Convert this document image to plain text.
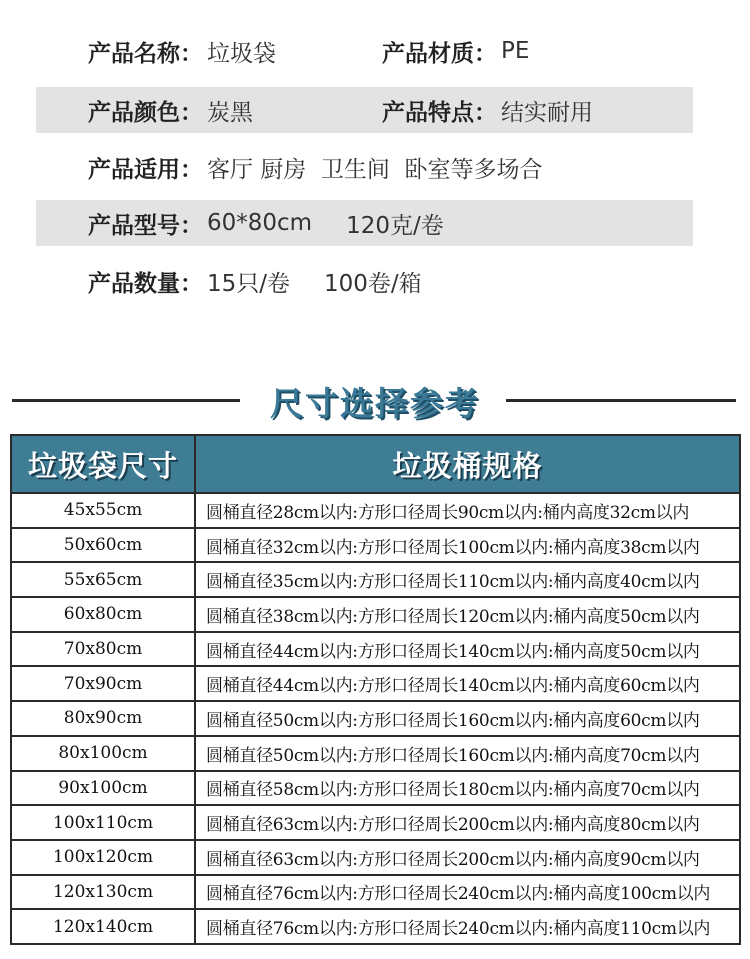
产品名称： 垃圾袋	产品材质： PE
产品颜色： 炭黑	产品特点： 结实耐用
产品适用： 客厅 厨房  卫生间  卧室等多场合
产品型号： 60*80cm 120克/卷
产品数量： 15只/卷 100卷/箱
尺寸选择参考
垃圾袋尺寸	垃圾桶规格
45x55cm	圆桶直径28cm以内:方形口径周长90cm以内:桶内高度32cm以内
50x60cm	圆桶直径32cm以内:方形口径周长100cm以内:桶内高度38cm以内
55x65cm	圆桶直径35cm以内:方形口径周长110cm以内:桶内高度40cm以内
60x80cm	圆桶直径38cm以内:方形口径周长120cm以内:桶内高度50cm以内
70x80cm	圆桶直径44cm以内:方形口径周长140cm以内:桶内高度50cm以内
70x90cm	圆桶直径44cm以内:方形口径周长140cm以内:桶内高度60cm以内
80x90cm	圆桶直径50cm以内:方形口径周长160cm以内:桶内高度60cm以内
80x100cm	圆桶直径50cm以内:方形口径周长160cm以内:桶内高度70cm以内
90x100cm	圆桶直径58cm以内:方形口径周长180cm以内:桶内高度70cm以内
100x110cm	圆桶直径63cm以内:方形口径周长200cm以内:桶内高度80cm以内
100x120cm	圆桶直径63cm以内:方形口径周长200cm以内:桶内高度90cm以内
120x130cm	圆桶直径76cm以内:方形口径周长240cm以内:桶内高度100cm以内
120x140cm	圆桶直径76cm以内:方形口径周长240cm以内:桶内高度110cm以内
